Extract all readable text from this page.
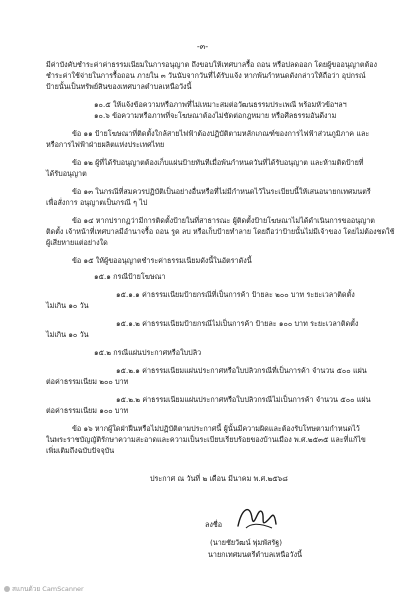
-๓-
มีค่าบังคับชำระค่าค่าธรรมเนียมในการอนุญาต ถึงขอบให้เทศบาลรื้อ ถอน หรือปลดออก โดยผู้ขออนุญาตต้อง
ชำระค่าใช้จ่ายในการรื้อถอน ภายใน ๓ วันนับจากวันที่ได้รับแจ้ง หากพ้นกำหนดดังกล่าวให้ถือว่า อุปกรณ์
ป้ายนั้นเป็นทรัพย์สินของเทศบาลตำบลเหนือวังนี้
๑๐.๕ ให้แจ้งข้อความหรือภาพที่ไม่เหมาะสมต่อวัฒนธรรมประเพณี พร้อมหัวข้อฯลฯ
๑๐.๖ ข้อความหรือภาพที่จะโฆษณาต้องไม่ขัดต่อกฎหมาย หรือศีลธรรมอันดีงาม
ข้อ ๑๑ ป้ายโฆษณาที่ติดตั้งใกล้สายไฟฟ้าต้องปฏิบัติตามหลักเกณฑ์ของการไฟฟ้าส่วนภูมิภาค และ
หรือการไฟฟ้าฝ่ายผลิตแห่งประเทศไทย
ข้อ ๑๒ ผู้ที่ได้รับอนุญาตต้องเก็บแผ่นป้ายทันทีเมื่อพ้นกำหนดวันที่ได้รับอนุญาต และห้ามติดป้ายที่
ได้รับอนุญาต
ข้อ ๑๓ ในกรณีที่สมควรปฏิบัติเป็นอย่างอื่นหรือที่ไม่มีกำหนดไว้ในระเบียบนี้ให้เสนอนายกเทศมนตรี
เพื่อสั่งการ อนุญาตเป็นกรณี ๆ ไป
ข้อ ๑๔ หากปรากฏว่ามีการติดตั้งป้ายในที่สาธารณะ ผู้ติดตั้งป้ายโฆษณาไม่ได้ดำเนินการขออนุญาต
ติดตั้ง เจ้าหน้าที่เทศบาลมีอำนาจรื้อ ถอน รูด ลบ หรือเก็บป้ายทำลาย โดยถือว่าป้ายนั้นไม่มีเจ้าของ โดยไม่ต้องชดใช้
ผู้เสียหายแต่อย่างใด
ข้อ ๑๕ ให้ผู้ขออนุญาตชำระค่าธรรมเนียมดังนี้ในอัตราดังนี้
๑๕.๑ กรณีป้ายโฆษณา
๑๕.๑.๑ ค่าธรรมเนียมป้ายกรณีที่เป็นการค้า ป้ายละ ๒๐๐ บาท ระยะเวลาติดตั้ง
ไม่เกิน ๑๐ วัน
๑๕.๑.๒ ค่าธรรมเนียมป้ายกรณีไม่เป็นการค้า ป้ายละ ๑๐๐ บาท ระยะเวลาติดตั้ง
ไม่เกิน ๑๐ วัน
๑๕.๒ กรณีแผ่นประกาศหรือใบปลิว
๑๕.๒.๑ ค่าธรรมเนียมแผ่นประกาศหรือใบปลิวกรณีที่เป็นการค้า จำนวน ๕๐๐ แผ่น
ต่อค่าธรรมเนียม ๒๐๐ บาท
๑๕.๒.๒ ค่าธรรมเนียมแผ่นประกาศหรือใบปลิวกรณีไม่เป็นการค้า จำนวน ๕๐๐ แผ่น
ต่อค่าธรรมเนียม ๑๐๐ บาท
ข้อ ๑๖ หากผู้ใดฝ่าฝืนหรือไม่ปฏิบัติตามประกาศนี้ ผู้นั้นมีความผิดและต้องรับโทษตามกำหนดไว้
ในพระราชบัญญัติรักษาความสะอาดและความเป็นระเบียบเรียบร้อยของบ้านเมือง พ.ศ.๒๕๓๕ และที่แก้ไข
เพิ่มเติมถึงฉบับปัจจุบัน
ประกาศ ณ วันที่ ๒ เดือน มีนาคม พ.ศ.๒๕๖๘
ลงชื่อ
(นายชัยวัฒน์ พุ่มพัสรัฐ)
นายกเทศมนตรีตำบลเหนือวังนี้
สแกนด้วย CamScanner
